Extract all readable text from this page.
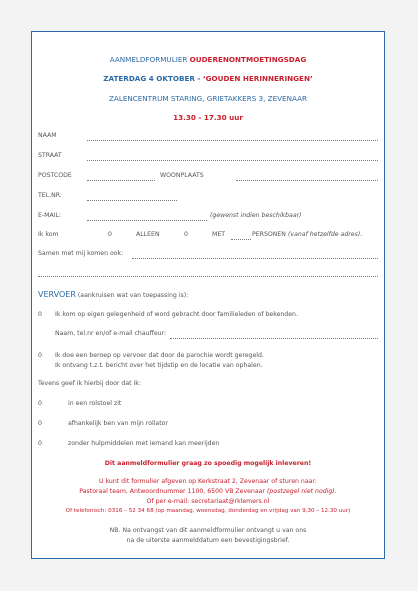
AANMELDFORMULIER OUDERENONTMOETINGSDAG
ZATERDAG 4 OKTOBER - ‘GOUDEN HERINNERINGEN’
ZALENCENTRUM STARING, GRIETAKKERS 3, ZEVENAAR
13.30 - 17.30 uur
NAAM
STRAAT
POSTCODE	WOONPLAATS
TEL.NR.
E-MAIL:	(gewenst indien beschikbaar)
Ik kom	0	ALLEEN	0	MET	PERSONEN (vanaf hetzelfde adres).
Samen met mij komen ook:
VERVOER (aankruisen wat van toepassing is):
0 Ik kom op eigen gelegenheid of word gebracht door familieleden of bekenden.
Naam, tel.nr en/of e-mail chauffeur:
0 Ik doe een beroep op vervoer dat door de parochie wordt geregeld.
Ik ontvang t.z.t. bericht over het tijdstip en de locatie van ophalen.
Tevens geef ik hierbij door dat ik:
0	in een rolstoel zit
0	afhankelijk ben van mijn rollator
0	zonder hulpmiddelen met iemand kan meerijden
Dit aanmeldformulier graag zo spoedig mogelijk inleveren!
U kunt dit formulier afgeven op Kerkstraat 2, Zevenaar of sturen naar:
Pastoraal team, Antwoordnummer 1100, 6500 VB Zevenaar (postzegel niet nodig).
Of per e-mail: secretariaat@rklemers.nl
Of telefonisch: 0316 – 52 34 68 (op maandag, woensdag, donderdag en vrijdag van 9,30 – 12.30 uur)
NB. Na ontvangst van dit aanmeldformulier ontvangt u van ons
na de uiterste aanmelddatum een bevestigingsbrief.
